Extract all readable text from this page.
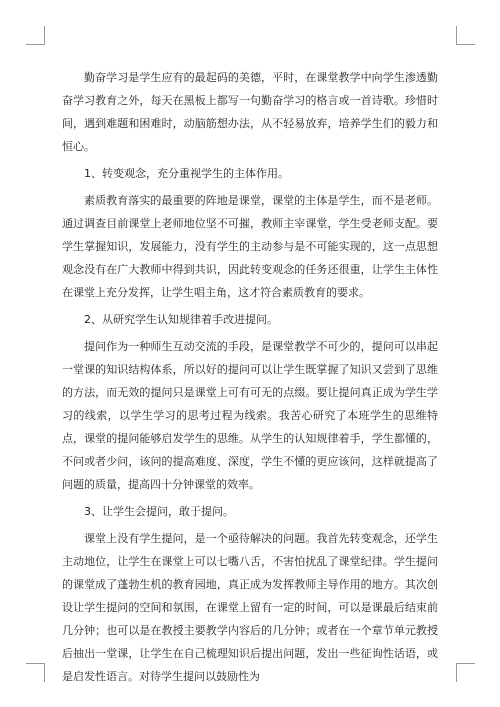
勤奋学习是学生应有的最起码的美德，平时，在课堂教学中向学生渗透勤奋学习教育之外，每天在黑板上都写一句勤奋学习的格言或一首诗歌。珍惜时间，遇到难题和困难时，动脑筋想办法，从不轻易放弃，培养学生们的毅力和恒心。

1、转变观念，充分重视学生的主体作用。

素质教育落实的最重要的阵地是课堂，课堂的主体是学生，而不是老师。通过调查目前课堂上老师地位坚不可摧，教师主宰课堂，学生受老师支配。要学生掌握知识，发展能力，没有学生的主动参与是不可能实现的，这一点思想观念没有在广大教师中得到共识，因此转变观念的任务还很重，让学生主体性在课堂上充分发挥，让学生唱主角，这才符合素质教育的要求。

2、从研究学生认知规律着手改进提问。

提问作为一种师生互动交流的手段，是课堂教学不可少的，提问可以串起一堂课的知识结构体系，所以好的提问可以让学生既掌握了知识又尝到了思维的方法，而无效的提问只是课堂上可有可无的点缀。要让提问真正成为学生学习的线索，以学生学习的思考过程为线索。我苦心研究了本班学生的思维特点，课堂的提问能够启发学生的思维。从学生的认知规律着手，学生都懂的，不问或者少问，该问的提高难度、深度，学生不懂的更应该问，这样就提高了问题的质量，提高四十分钟课堂的效率。

3、让学生会提问，敢于提问。

课堂上没有学生提问，是一个亟待解决的问题。我首先转变观念，还学生主动地位，让学生在课堂上可以七嘴八舌，不害怕扰乱了课堂纪律。学生提问的课堂成了蓬勃生机的教育园地，真正成为发挥教师主导作用的地方。其次创设让学生提问的空间和氛围，在课堂上留有一定的时间，可以是课最后结束前几分钟；也可以是在教授主要教学内容后的几分钟；或者在一个章节单元教授后抽出一堂课，让学生在自己梳理知识后提出问题，发出一些征询性话语，或是启发性语言。对待学生提问以鼓励性为
